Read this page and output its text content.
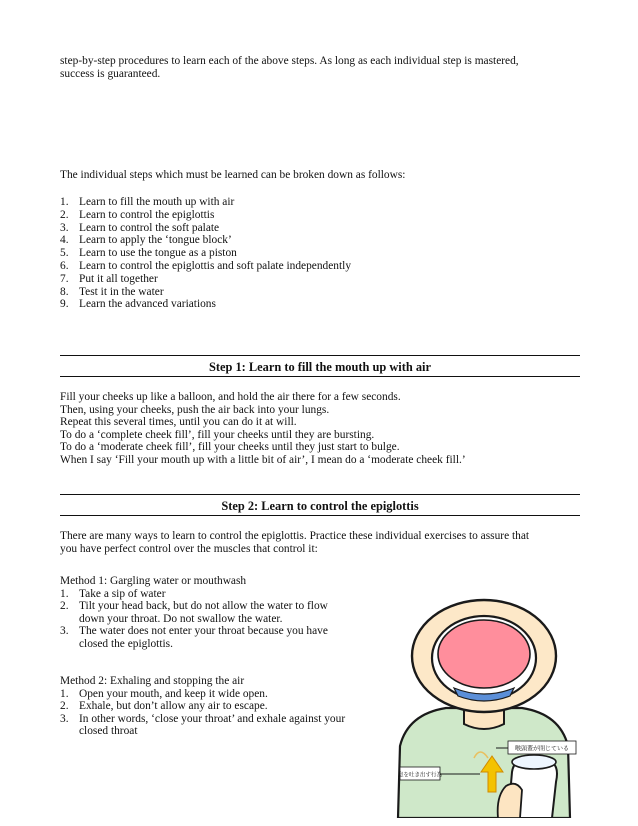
step-by-step procedures to learn each of the above steps. As long as each individual step is mastered,
success is guaranteed.
The individual steps which must be learned can be broken down as follows:
1. Learn to fill the mouth up with air
2. Learn to control the epiglottis
3. Learn to control the soft palate
4. Learn to apply the ‘tongue block’
5. Learn to use the tongue as a piston
6. Learn to control the epiglottis and soft palate independently
7. Put it all together
8. Test it in the water
9. Learn the advanced variations
Step 1: Learn to fill the mouth up with air
Fill your cheeks up like a balloon, and hold the air there for a few seconds.
Then, using your cheeks, push the air back into your lungs.
Repeat this several times, until you can do it at will.
To do a ‘complete cheek fill’, fill your cheeks until they are bursting.
To do a ‘moderate cheek fill’, fill your cheeks until they just start to bulge.
When I say ‘Fill your mouth up with a little bit of air’, I mean do a ‘moderate cheek fill.’
Step 2: Learn to control the epiglottis
There are many ways to learn to control the epiglottis. Practice these individual exercises to assure that
you have perfect control over the muscles that control it:
Method 1: Gargling water or mouthwash
1. Take a sip of water
2. Tilt your head back, but do not allow the water to flow
down your throat. Do not swallow the water.
3. The water does not enter your throat because you have
closed the epiglottis.
Method 2: Exhaling and stopping the air
1. Open your mouth, and keep it wide open.
2. Exhale, but don’t allow any air to escape.
3. In other words, ‘close your throat’ and exhale against your
closed throat
喉頭蓋が閉じている
息を吐き出す行為
